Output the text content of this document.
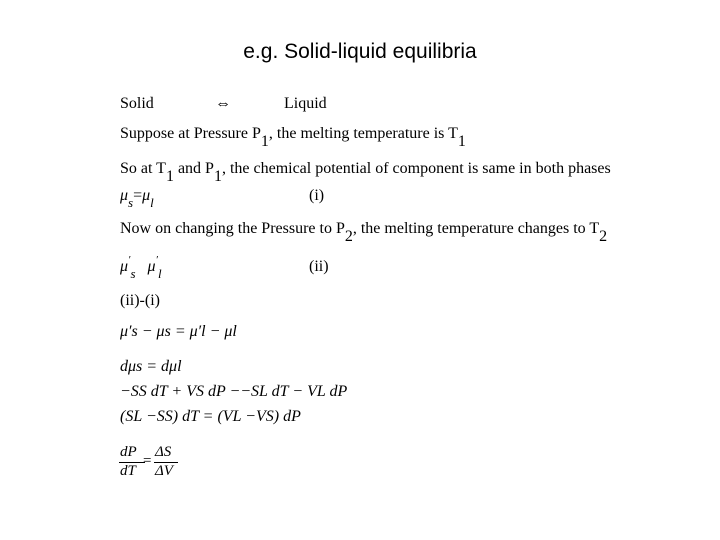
e.g. Solid-liquid equilibria
Solid	⇔	Liquid
Suppose at Pressure P1, the melting temperature is T1
So at T1 and P1, the chemical potential of component is same in both phases
$\mu_s=\mu_l$	(i)
Now on changing the Pressure to P2, the melting temperature changes to T2
$\mu'_s$ $\mu'_l$	(ii)
(ii)-(i)
μ′s − μs = μ′l − μl
dμs = dμl
−SS dT + VS dP −−SL dT − VL dP
(SL −SS) dT = (VL −VS) dP
dP
dT
=
ΔS
ΔV
